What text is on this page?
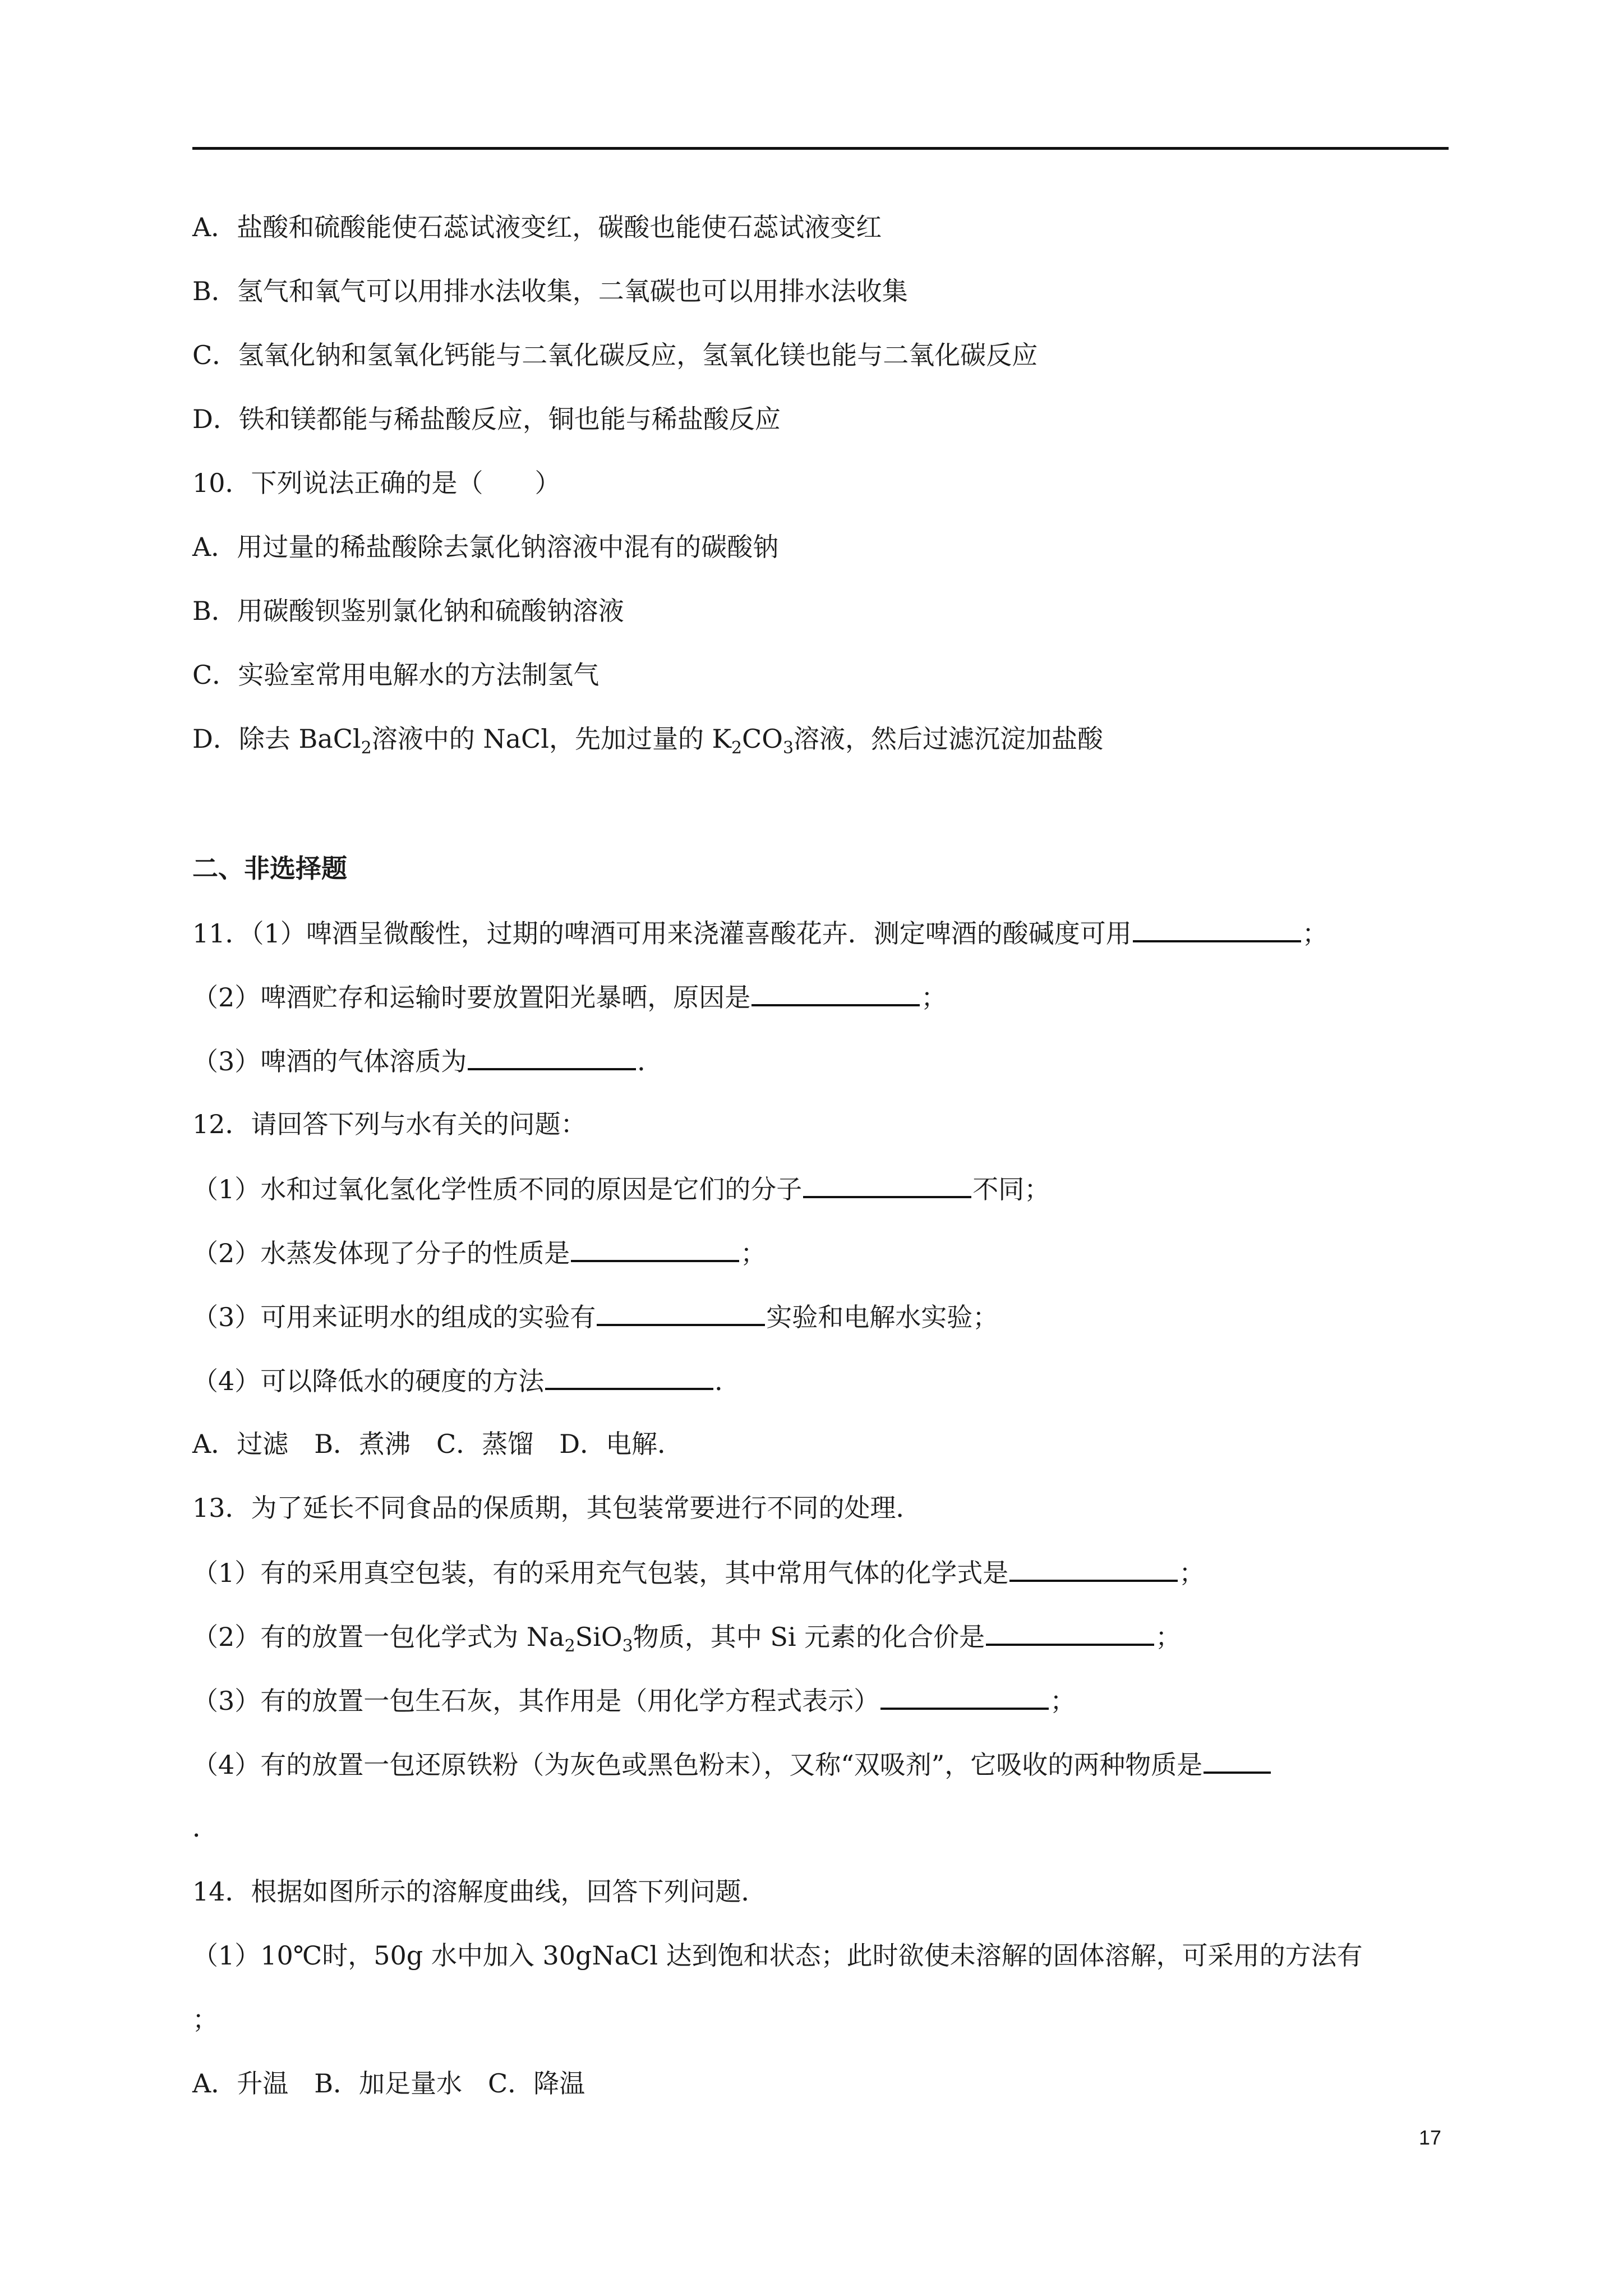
A．盐酸和硫酸能使石蕊试液变红，碳酸也能使石蕊试液变红
B．氢气和氧气可以用排水法收集，二氧碳也可以用排水法收集
C．氢氧化钠和氢氧化钙能与二氧化碳反应，氢氧化镁也能与二氧化碳反应
D．铁和镁都能与稀盐酸反应，铜也能与稀盐酸反应
10．下列说法正确的是（　　）
A．用过量的稀盐酸除去氯化钠溶液中混有的碳酸钠
B．用碳酸钡鉴别氯化钠和硫酸钠溶液
C．实验室常用电解水的方法制氢气
D．除去 BaCl$_2$溶液中的 NaCl，先加过量的 $K_2CO_3$溶液，然后过滤沉淀加盐酸
二、非选择题
11．（1）啤酒呈微酸性，过期的啤酒可用来浇灌喜酸花卉．测定啤酒的酸碱度可用	；
（2）啤酒贮存和运输时要放置阳光暴晒，原因是	；
（3）啤酒的气体溶质为	．
12．请回答下列与水有关的问题：
（1）水和过氧化氢化学性质不同的原因是它们的分子	不同；
（2）水蒸发体现了分子的性质是	；
（3）可用来证明水的组成的实验有	实验和电解水实验；
（4）可以降低水的硬度的方法	．
A．过滤　B．煮沸　C．蒸馏　D．电解．
13．为了延长不同食品的保质期，其包装常要进行不同的处理．
（1）有的采用真空包装，有的采用充气包装，其中常用气体的化学式是	；
（2）有的放置一包化学式为 $Na_2SiO_3$物质，其中 Si 元素的化合价是	；
（3）有的放置一包生石灰，其作用是（用化学方程式表示）	；
（4）有的放置一包还原铁粉（为灰色或黑色粉末），又称“双吸剂”，它吸收的两种物质是
．
14．根据如图所示的溶解度曲线，回答下列问题．
（1）10℃时，50g 水中加入 30gNaCl 达到饱和状态；此时欲使未溶解的固体溶解，可采用的方法有
；
A．升温　B．加足量水　C．降温
17
